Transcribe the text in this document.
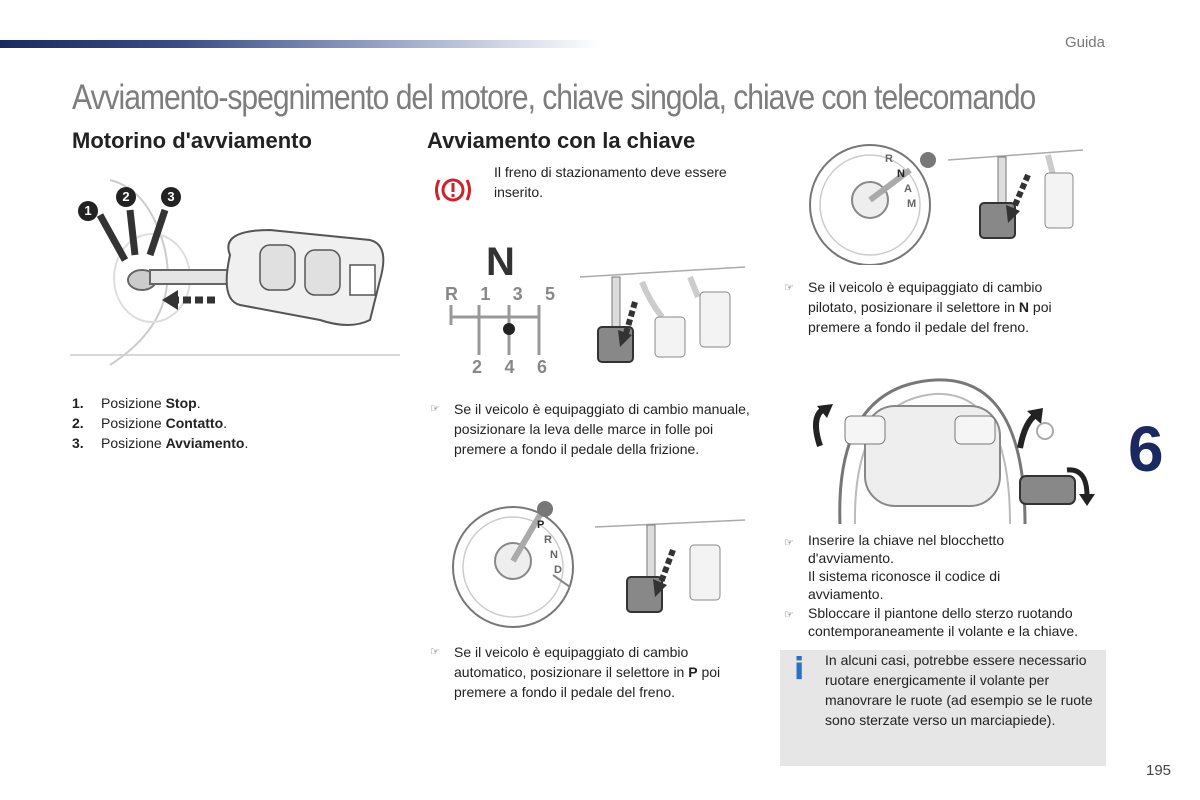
Guida
Avviamento-spegnimento del motore, chiave singola, chiave con telecomando
Motorino d'avviamento
1
2	3
1.	Posizione Stop.
2.	Posizione Contatto.
3.	Posizione Avviamento.
Avviamento con la chiave
Il freno di stazionamento deve essere inserito.
N
R 1 3 5
2 4 6
☞ Se il veicolo è equipaggiato di cambio manuale, posizionare la leva delle marce in folle poi premere a fondo il pedale della frizione.
P
R
N
D
☞ Se il veicolo è equipaggiato di cambio automatico, posizionare il selettore in P poi premere a fondo il pedale del freno.
R
N
A
M
☞ Se il veicolo è equipaggiato di cambio pilotato, posizionare il selettore in N poi premere a fondo il pedale del freno.
☞ Inserire la chiave nel blocchetto d'avviamento.
Il sistema riconosce il codice di avviamento.
☞ Sbloccare il piantone dello sterzo ruotando contemporaneamente il volante e la chiave.
i In alcuni casi, potrebbe essere necessario ruotare energicamente il volante per manovrare le ruote (ad esempio se le ruote sono sterzate verso un marciapiede).
6
195
